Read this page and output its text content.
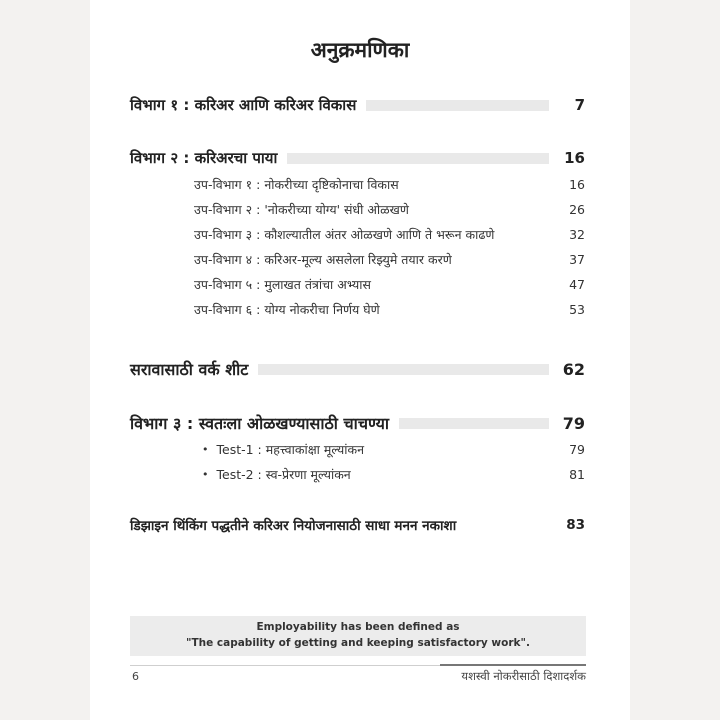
अनुक्रमणिका
विभाग १ : करिअर आणि करिअर विकास	7
विभाग २ : करिअरचा पाया	16
उप-विभाग १ : नोकरीच्या दृष्टिकोनाचा विकास	16
उप-विभाग २ : 'नोकरीच्या योग्य' संधी ओळखणे	26
उप-विभाग ३ : कौशल्यातील अंतर ओळखणे आणि ते भरून काढणे	32
उप-विभाग ४ : करिअर-मूल्य असलेला रिझ्युमे तयार करणे	37
उप-विभाग ५ : मुलाखत तंत्रांचा अभ्यास	47
उप-विभाग ६ : योग्य नोकरीचा निर्णय घेणे	53
सरावासाठी वर्क शीट	62
विभाग ३ : स्वतःला ओळखण्यासाठी चाचण्या	79
• Test-1 : महत्त्वाकांक्षा मूल्यांकन	79
• Test-2 : स्व-प्रेरणा मूल्यांकन	81
डिझाइन थिंकिंग पद्धतीने करिअर नियोजनासाठी साधा मनन नकाशा	83
Employability has been defined as
"The capability of getting and keeping satisfactory work".
6	यशस्वी नोकरीसाठी दिशादर्शक
